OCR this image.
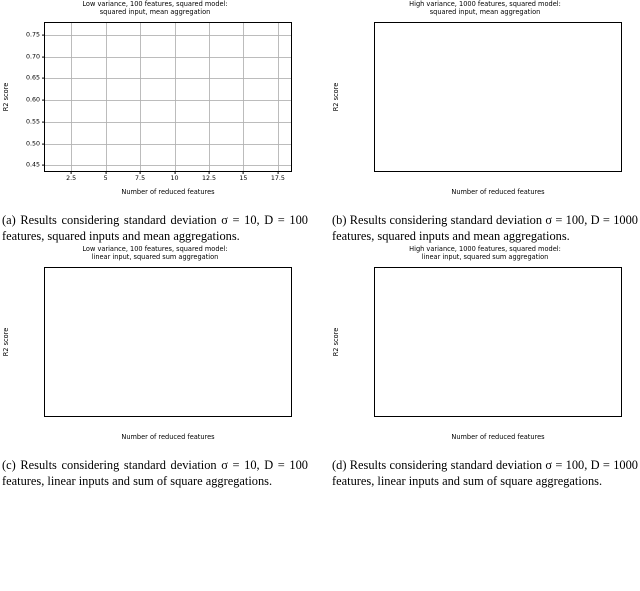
Low variance, 100 features, squared model:
squared input, mean aggregation
R2 score
Number of reduced features
0.45
0.50
0.55
0.60
0.65
0.70
0.75
2.5	5	7.5	10	12.5	15	17.5
(a) Results considering standard deviation σ = 10, D = 100 features, squared inputs and mean aggregations.
High variance, 1000 features, squared model:
squared input, mean aggregation
R2 score
Number of reduced features
(b) Results considering standard deviation σ = 100, D = 1000 features, squared inputs and mean aggregations.
Low variance, 100 features, squared model:
linear input, squared sum aggregation
R2 score
Number of reduced features
(c) Results considering standard deviation σ = 10, D = 100 features, linear inputs and sum of square aggregations.
High variance, 1000 features, squared model:
linear input, squared sum aggregation
R2 score
Number of reduced features
(d) Results considering standard deviation σ = 100, D = 1000 features, linear inputs and sum of square aggregations.
